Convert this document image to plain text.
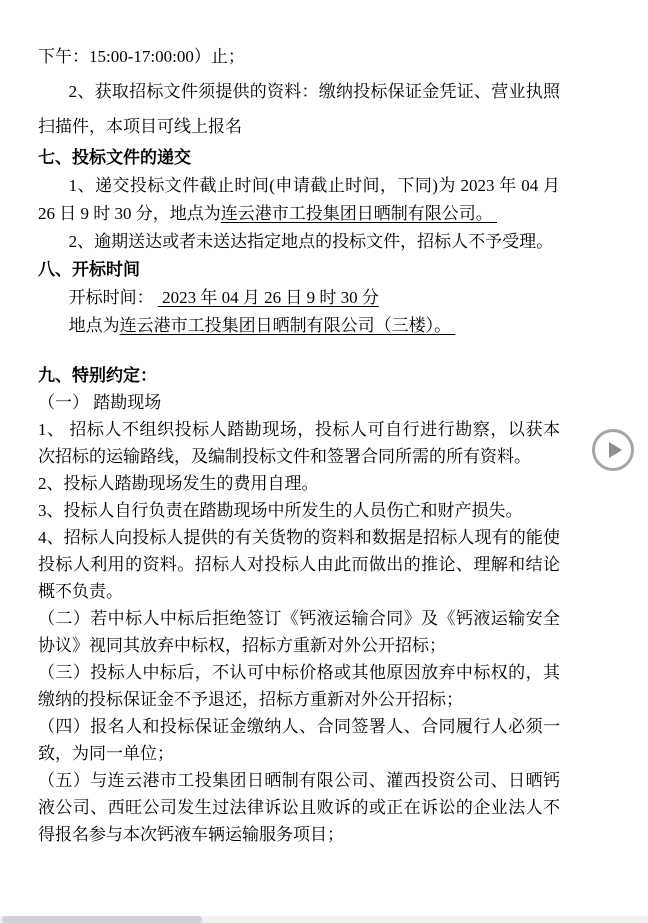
下午：15:00-17:00:00）止；

2、获取招标文件须提供的资料：缴纳投标保证金凭证、营业执照扫描件，本项目可线上报名

七、投标文件的递交

1、递交投标文件截止时间(申请截止时间，下同)为 2023 年 04 月 26 日 9 时 30 分，地点为连云港市工投集团日晒制有限公司。

2、逾期送达或者未送达指定地点的投标文件，招标人不予受理。

八、开标时间

开标时间：  2023 年 04 月 26 日 9 时 30 分

地点为连云港市工投集团日晒制有限公司（三楼）。

九、特别约定：

（一） 踏勘现场

1、 招标人不组织投标人踏勘现场，投标人可自行进行勘察，以获本次招标的运输路线，及编制投标文件和签署合同所需的所有资料。

2、投标人踏勘现场发生的费用自理。

3、投标人自行负责在踏勘现场中所发生的人员伤亡和财产损失。

4、招标人向投标人提供的有关货物的资料和数据是招标人现有的能使投标人利用的资料。招标人对投标人由此而做出的推论、理解和结论概不负责。

（二）若中标人中标后拒绝签订《钙液运输合同》及《钙液运输安全协议》视同其放弃中标权，招标方重新对外公开招标；

（三）投标人中标后，不认可中标价格或其他原因放弃中标权的，其缴纳的投标保证金不予退还，招标方重新对外公开招标；

（四）报名人和投标保证金缴纳人、合同签署人、合同履行人必须一致，为同一单位；

（五）与连云港市工投集团日晒制有限公司、灌西投资公司、日晒钙液公司、西旺公司发生过法律诉讼且败诉的或正在诉讼的企业法人不得报名参与本次钙液车辆运输服务项目；
